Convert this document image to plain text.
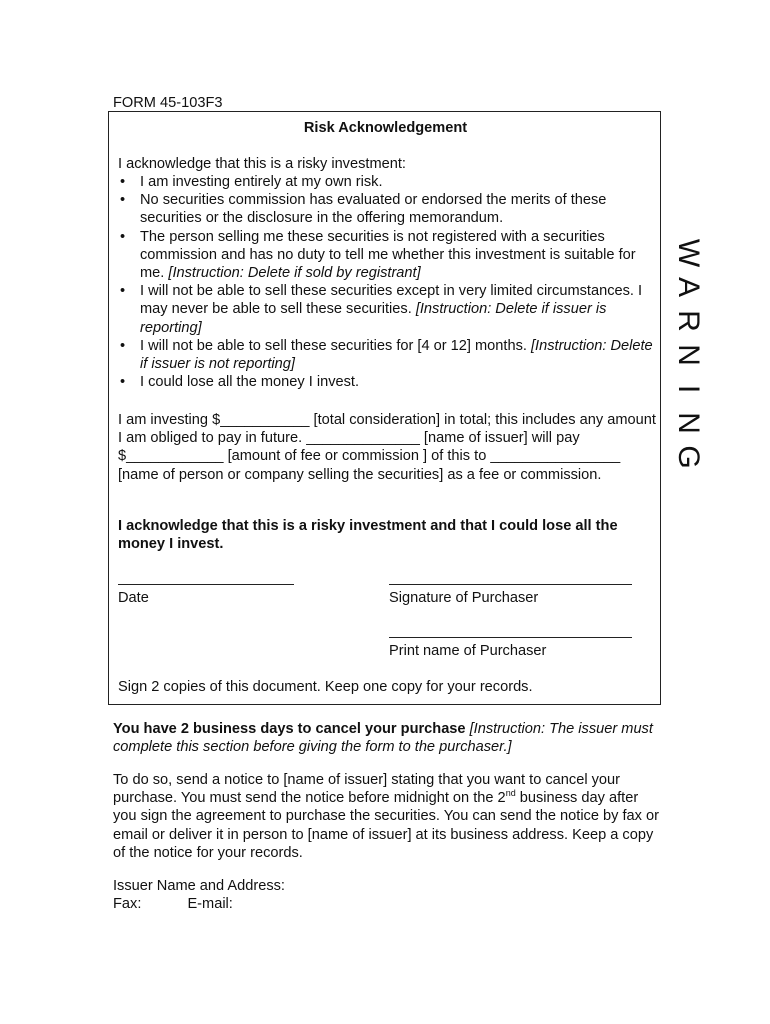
FORM 45-103F3
Risk Acknowledgement
I acknowledge that this is a risky investment:
• I am investing entirely at my own risk.
• No securities commission has evaluated or endorsed the merits of these securities or the disclosure in the offering memorandum.
• The person selling me these securities is not registered with a securities commission and has no duty to tell me whether this investment is suitable for me. [Instruction: Delete if sold by registrant]
• I will not be able to sell these securities except in very limited circumstances. I may never be able to sell these securities. [Instruction: Delete if issuer is reporting]
• I will not be able to sell these securities for [4 or 12] months. [Instruction: Delete if issuer is not reporting]
• I could lose all the money I invest.
I am investing $___________ [total consideration] in total; this includes any amount I am obliged to pay in future. ______________ [name of issuer] will pay $____________ [amount of fee or commission ] of this to ________________ [name of person or company selling the securities] as a fee or commission.
I acknowledge that this is a risky investment and that I could lose all the money I invest.
Date	Signature of Purchaser
Print name of Purchaser
Sign 2 copies of this document. Keep one copy for your records.
W
A
R
N
I
N
G
You have 2 business days to cancel your purchase [Instruction: The issuer must complete this section before giving the form to the purchaser.]
To do so, send a notice to [name of issuer] stating that you want to cancel your purchase. You must send the notice before midnight on the 2nd business day after you sign the agreement to purchase the securities. You can send the notice by fax or email or deliver it in person to [name of issuer] at its business address. Keep a copy of the notice for your records.
Issuer Name and Address:
Fax:	E-mail:
